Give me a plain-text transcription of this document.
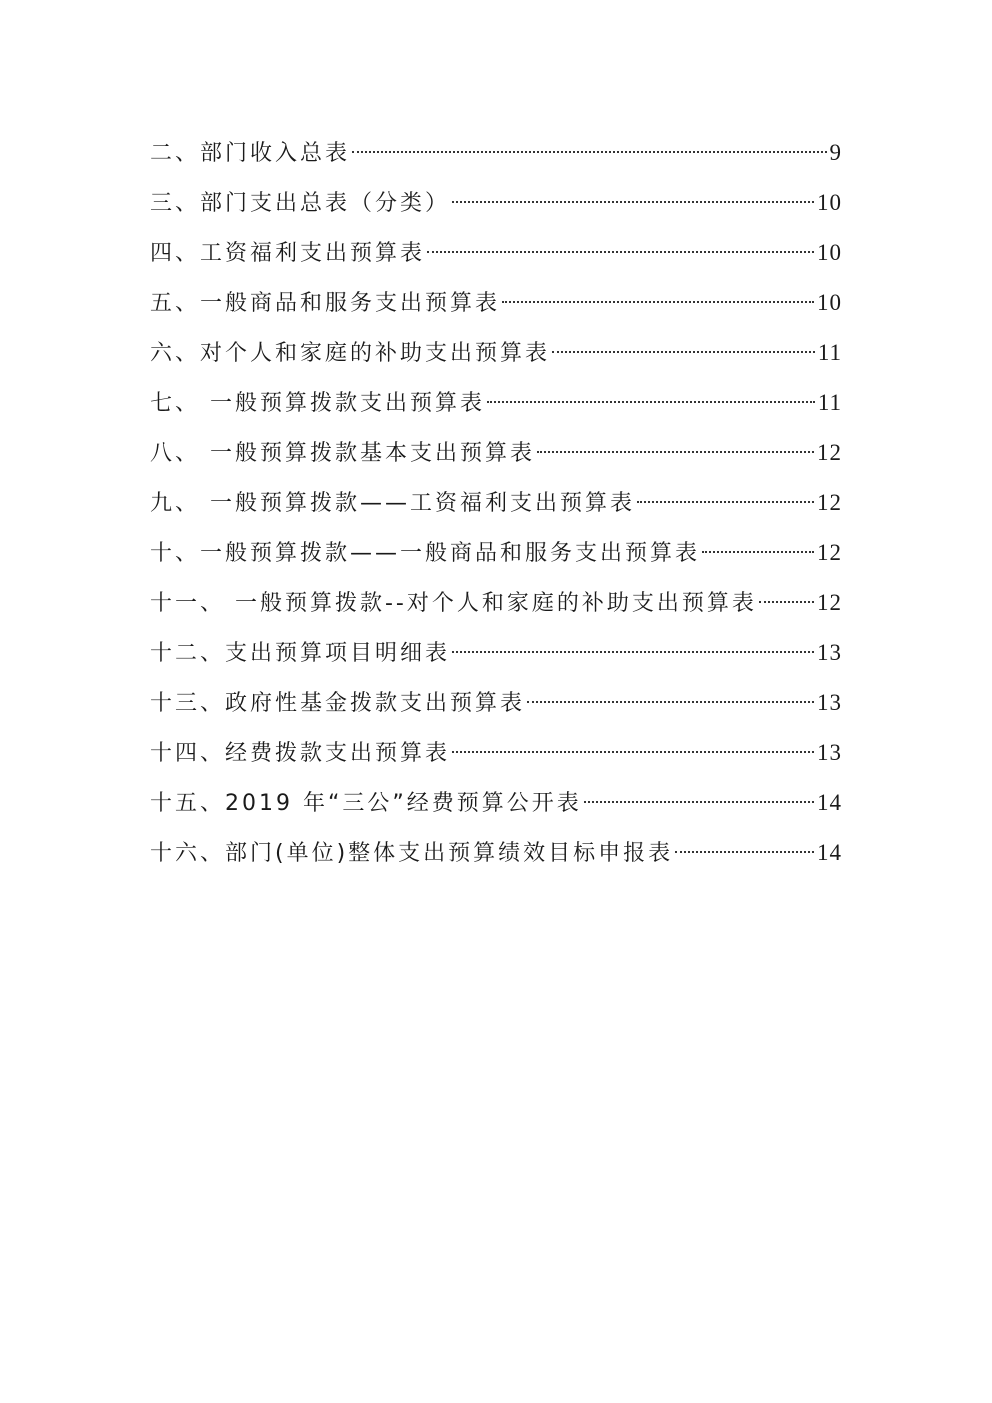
二、部门收入总表	9
三、部门支出总表（分类）	10
四、工资福利支出预算表	10
五、一般商品和服务支出预算表	10
六、对个人和家庭的补助支出预算表	11
七、 一般预算拨款支出预算表	11
八、 一般预算拨款基本支出预算表	12
九、 一般预算拨款——工资福利支出预算表	12
十、一般预算拨款——一般商品和服务支出预算表	12
十一、 一般预算拨款--对个人和家庭的补助支出预算表	12
十二、支出预算项目明细表	13
十三、政府性基金拨款支出预算表	13
十四、经费拨款支出预算表	13
十五、2019 年“三公”经费预算公开表	14
十六、部门(单位)整体支出预算绩效目标申报表	14
